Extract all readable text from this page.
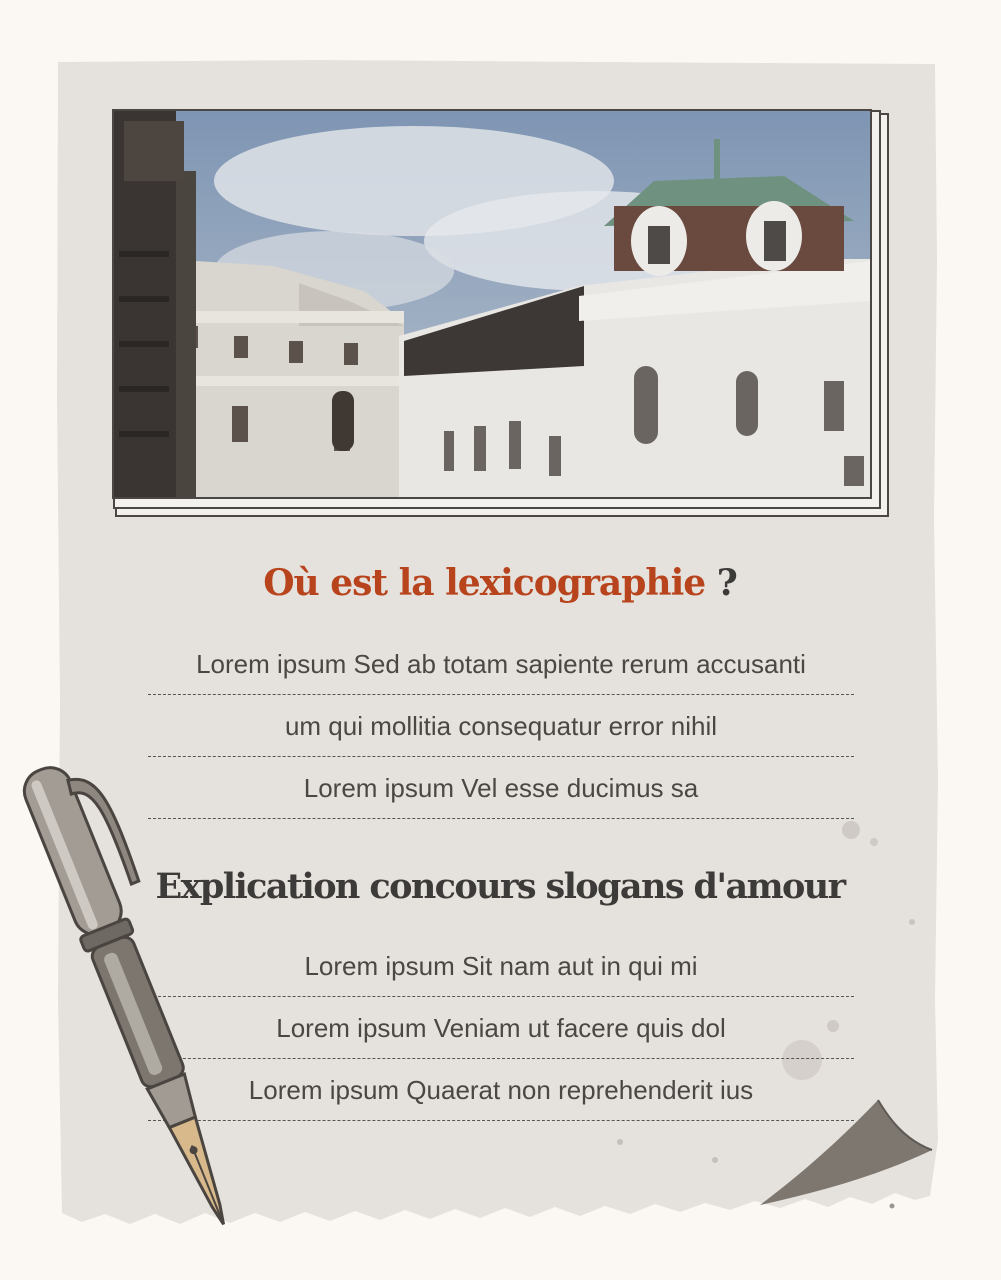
Où est la lexicographie ?
Lorem ipsum Sed ab totam sapiente rerum accusanti
um qui mollitia consequatur error nihil
Lorem ipsum Vel esse ducimus sa
Explication concours slogans d'amour
Lorem ipsum Sit nam aut in qui mi
Lorem ipsum Veniam ut facere quis dol
Lorem ipsum Quaerat non reprehenderit ius
